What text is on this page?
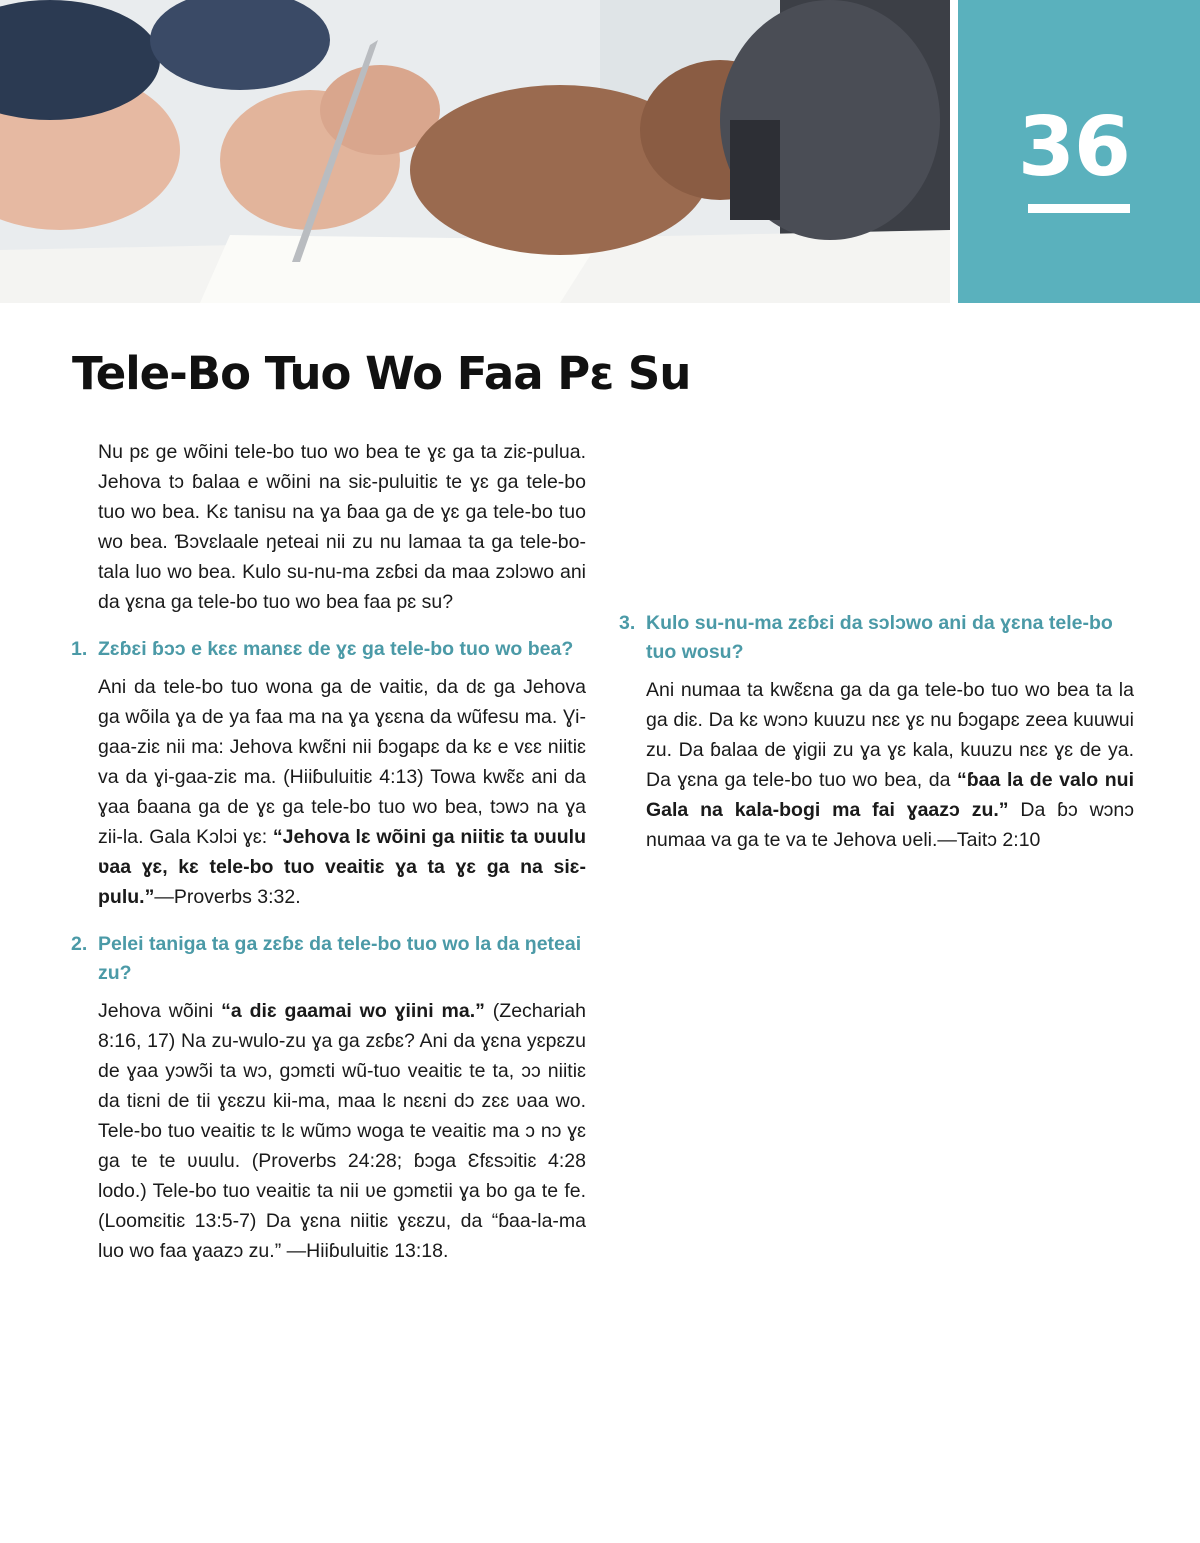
36
Tele-Bo Tuo Wo Faa Pɛ Su

Nu pɛ ge wõini tele-bo tuo wo bea te ɣɛ ga ta ziɛ-pulua. Jehova tɔ ɓalaa e wõini na siɛ-puluitiɛ te ɣɛ ga tele-bo tuo wo bea. Kɛ tanisu na ɣa ɓaa ga de ɣɛ ga tele-bo tuo wo bea. Ɓɔvɛlaale ŋeteai nii zu nu lamaa ta ga tele-bo-tala luo wo bea. Kulo su-nu-ma zɛɓɛi da maa zɔlɔwo ani da ɣɛna ga tele-bo tuo wo bea faa pɛ su?

1. Zɛɓɛi ɓɔɔ e kɛɛ manɛɛ de ɣɛ ga tele-bo tuo wo bea?

Ani da tele-bo tuo wona ga de vaitiɛ, da dɛ ga Jehova ga wõila ɣa de ya faa ma na ɣa ɣɛɛna da wũfesu ma. Ɣi-gaa-ziɛ nii ma: Jehova kwɛ̃ni nii ɓɔgapɛ da kɛ e vɛɛ niitiɛ va da ɣi-gaa-ziɛ ma. (Hiiɓuluitiɛ 4:13) Towa kwɛ̃ɛ ani da ɣaa ɓaana ga de ɣɛ ga tele-bo tuo wo bea, tɔwɔ na ɣa zii-la. Gala Kɔlɔi ɣɛ: “Jehova lɛ wõini ga niitiɛ ta ʋuulu ʋaa ɣɛ, kɛ tele-bo tuo veaitiɛ ɣa ta ɣɛ ga na siɛ-pulu.”—Proverbs 3:32.

2. Pelei taniga ta ga zɛɓɛ da tele-bo tuo wo la da ŋeteai zu?

Jehova wõini “a diɛ gaamai wo ɣiini ma.” (Zechariah 8:16, 17) Na zu-wulo-zu ɣa ga zɛɓɛ? Ani da ɣɛna yɛpɛzu de ɣaa yɔwɔ̃i ta wɔ, gɔmɛti wũ-tuo veaitiɛ te ta, ɔɔ niitiɛ da tiɛni de tii ɣɛɛzu kii-ma, maa lɛ nɛɛni dɔ zɛɛ ʋaa wo. Tele-bo tuo veaitiɛ tɛ lɛ wũmɔ woga te veaitiɛ ma ɔ nɔ ɣɛ ga te te ʋuulu. (Proverbs 24:28; ɓɔga Ɛfɛsɔitiɛ 4:28 lodo.) Tele-bo tuo veaitiɛ ta nii ʋe gɔmɛtii ɣa bo ga te fe. (Loomɛitiɛ 13:5-7) Da ɣɛna niitiɛ ɣɛɛzu, da “ɓaa-la-ma luo wo faa ɣaazɔ zu.” —Hiiɓuluitiɛ 13:18.

3. Kulo su-nu-ma zɛɓɛi da sɔlɔwo ani da ɣɛna tele-bo tuo wosu?

Ani numaa ta kwɛ̃ɛna ga da ga tele-bo tuo wo bea ta la ga diɛ. Da kɛ wɔnɔ kuuzu nɛɛ ɣɛ nu ɓɔgapɛ zeea kuuwui zu. Da ɓalaa de ɣigii zu ɣa ɣɛ kala, kuuzu nɛɛ ɣɛ de ya. Da ɣɛna ga tele-bo tuo wo bea, da “ɓaa la de valo nui Gala na kala-bogi ma fai ɣaazɔ zu.” Da ɓɔ wɔnɔ numaa va ga te va te Jehova ʋeli.—Taitɔ 2:10
